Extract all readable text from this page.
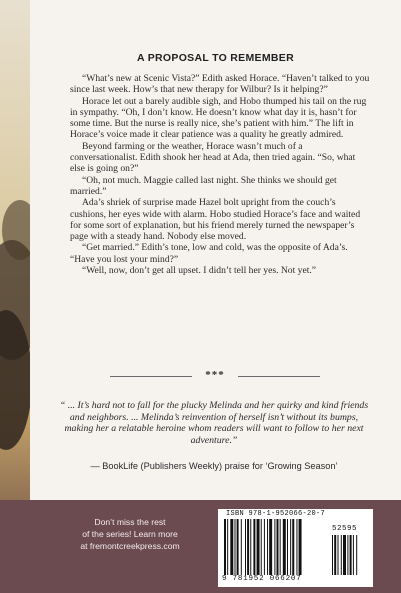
A PROPOSAL TO REMEMBER

“What’s new at Scenic Vista?” Edith asked Horace. “Haven’t talked to you since last week. How’s that new therapy for Wilbur? Is it helping?”

Horace let out a barely audible sigh, and Hobo thumped his tail on the rug in sympathy. “Oh, I don’t know. He doesn’t know what day it is, hasn’t for some time. But the nurse is really nice, she’s patient with him.” The lift in Horace’s voice made it clear patience was a quality he greatly admired.

Beyond farming or the weather, Horace wasn’t much of a conversationalist. Edith shook her head at Ada, then tried again. “So, what else is going on?”

“Oh, not much. Maggie called last night. She thinks we should get married.”

Ada’s shriek of surprise made Hazel bolt upright from the couch’s cushions, her eyes wide with alarm. Hobo studied Horace’s face and waited for some sort of explanation, but his friend merely turned the newspaper’s page with a steady hand. Nobody else moved.

“Get married.” Edith’s tone, low and cold, was the opposite of Ada’s. “Have you lost your mind?”

“Well, now, don’t get all upset. I didn’t tell her yes. Not yet.”

***
“ ... It’s hard not to fall for the plucky Melinda and her quirky and kind friends and neighbors. ... Melinda’s reinvention of herself isn’t without its bumps, making her a relatable heroine whom readers will want to follow to her next adventure.”
— BookLife (Publishers Weekly) praise for ‘Growing Season’
Don’t miss the rest
of the series! Learn more
at fremontcreekpress.com
ISBN 978-1-952066-20-7
52595
9 781952 066207
